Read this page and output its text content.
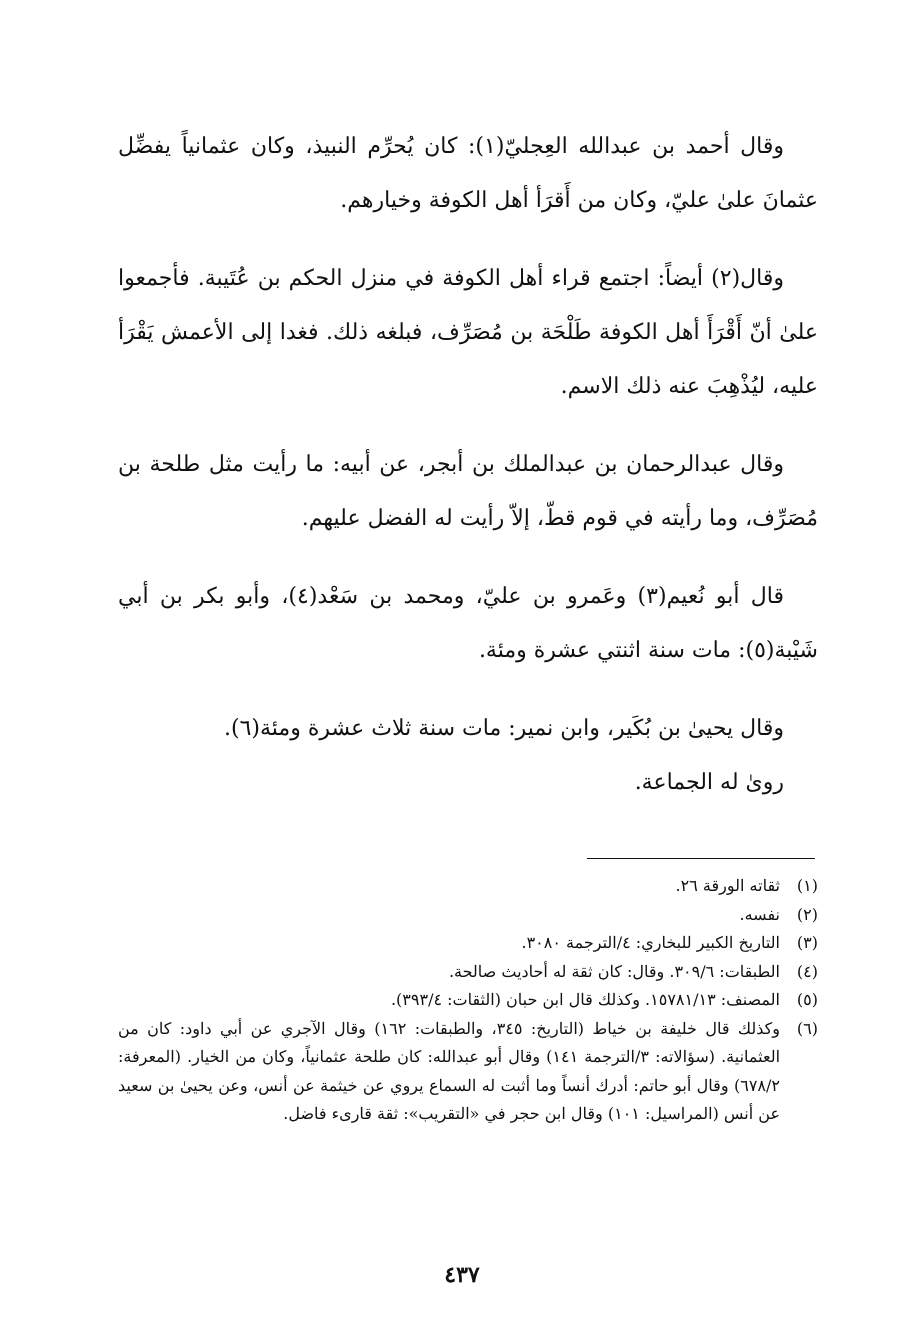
وقال أحمد بن عبدالله العِجليّ(١): كان يُحرِّم النبيذ، وكان عثمانياً يفضِّل عثمانَ علىٰ عليّ، وكان من أَقرَأ أهل الكوفة وخيارهم.

وقال(٢) أيضاً: اجتمع قراء أهل الكوفة في منزل الحكم بن عُتَيبة. فأجمعوا علىٰ أنّ أَقْرَأَ أهل الكوفة طَلْحَة بن مُصَرِّف، فبلغه ذلك. فغدا إلى الأعمش يَقْرَأ عليه، ليُذْهِبَ عنه ذلك الاسم.

وقال عبدالرحمان بن عبدالملك بن أبجر، عن أبيه: ما رأيت مثل طلحة بن مُصَرِّف، وما رأيته في قوم قطّ، إلاّ رأيت له الفضل عليهم.

قال أبو نُعيم(٣) وعَمرو بن عليّ، ومحمد بن سَعْد(٤)، وأبو بكر بن أبي شَيْبة(٥): مات سنة اثنتي عشرة ومئة.

وقال يحيىٰ بن بُكَير، وابن نمير: مات سنة ثلاث عشرة ومئة(٦).

روىٰ له الجماعة.

(١)
ثقاته الورقة ٢٦.
(٢)
نفسه.
(٣)
التاريخ الكبير للبخاري: ٤/الترجمة ٣٠٨٠.
(٤)
الطبقات: ٣٠٩/٦. وقال: كان ثقة له أحاديث صالحة.
(٥)
المصنف: ١٥٧٨١/١٣. وكذلك قال ابن حبان (الثقات: ٣٩٣/٤).
(٦)
وكذلك قال خليفة بن خياط (التاريخ: ٣٤٥، والطبقات: ١٦٢) وقال الآجري عن أبي داود: كان من العثمانية. (سؤالاته: ٣/الترجمة ١٤١) وقال أبو عبدالله: كان طلحة عثمانياً، وكان من الخيار. (المعرفة: ٦٧٨/٢) وقال أبو حاتم: أدرك أنساً وما أثبت له السماع يروي عن خيثمة عن أنس، وعن يحيىٰ بن سعيد عن أنس (المراسيل: ١٠١) وقال ابن حجر في «التقريب»: ثقة قارىء فاضل.
٤٣٧
